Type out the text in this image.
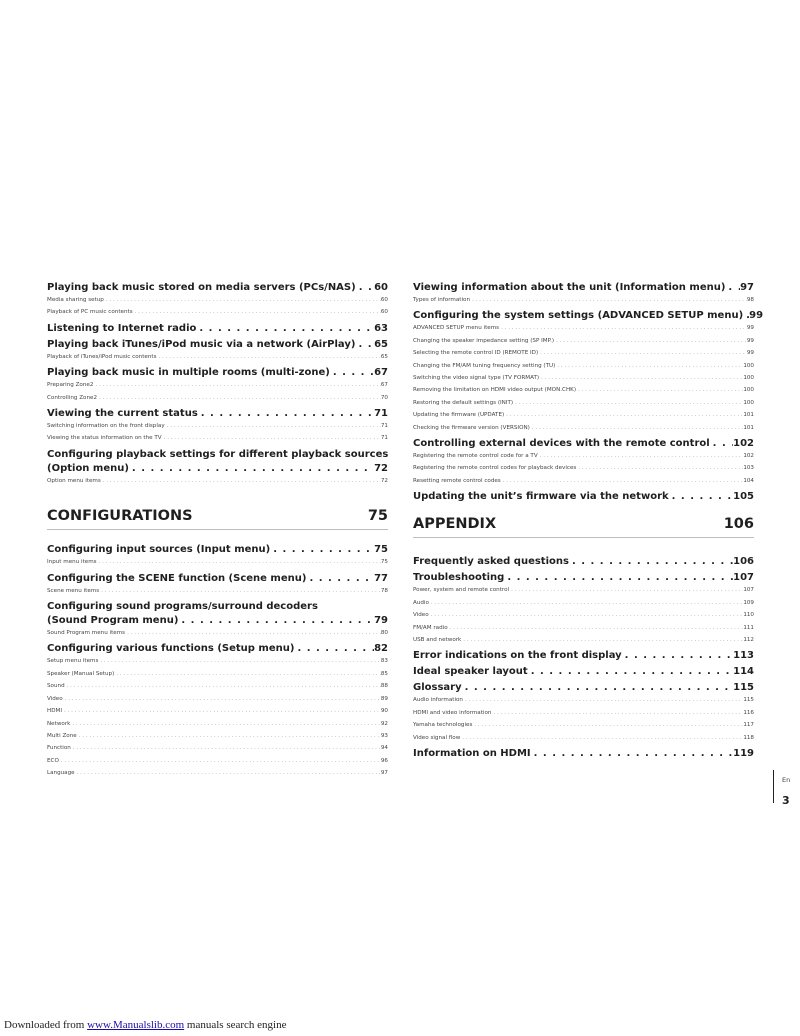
Playing back music stored on media servers (PCs/NAS) . . . 60
Media sharing setup . . .	60
Playback of PC music contents . . .	60
Listening to Internet radio . . .	63
Playing back iTunes/iPod music via a network (AirPlay) . . . 65
Playback of iTunes/iPod music contents . . .	65
Playing back music in multiple rooms (multi-zone) . . .	67
Preparing Zone2 . . .	67
Controlling Zone2 . . .	70
Viewing the current status . . .	71
Switching information on the front display . . .	71
Viewing the status information on the TV . . .	71
Configuring playback settings for different playback sources
(Option menu) . . .	72
Option menu items . . .	72
CONFIGURATIONS	75
Configuring input sources (Input menu) . . .	75
Input menu items . . .	75
Configuring the SCENE function (Scene menu) . . .	77
Scene menu items . . .	78
Configuring sound programs/surround decoders
(Sound Program menu) . . .	79
Sound Program menu items . . .	80
Configuring various functions (Setup menu) . . .	82
Setup menu items . . .	83
Speaker (Manual Setup) . . .	85
Sound . . .	88
Video . . .	89
HDMI . . .	90
Network . . .	92
Multi Zone . . .	93
Function . . .	94
ECO . . .	96
Language . . .	97
Viewing information about the unit (Information menu) . . . 97
Types of information . . .	98
Configuring the system settings (ADVANCED SETUP menu) . . . 99
ADVANCED SETUP menu items . . .	99
Changing the speaker impedance setting (SP IMP.) . . .	99
Selecting the remote control ID (REMOTE ID) . . .	99
Changing the FM/AM tuning frequency setting (TU) . . .	100
Switching the video signal type (TV FORMAT) . . .	100
Removing the limitation on HDMI video output (MON.CHK) . . .	100
Restoring the default settings (INIT) . . .	100
Updating the firmware (UPDATE) . . .	101
Checking the firmware version (VERSION) . . .	101
Controlling external devices with the remote control . . . 102
Registering the remote control code for a TV . . .	102
Registering the remote control codes for playback devices . . .	103
Resetting remote control codes . . .	104
Updating the unit’s firmware via the network . . .	105
APPENDIX	106
Frequently asked questions . . .	106
Troubleshooting . . .	107
Power, system and remote control . . .	107
Audio . . .	109
Video . . .	110
FM/AM radio . . .	111
USB and network . . .	112
Error indications on the front display . . .	113
Ideal speaker layout . . .	114
Glossary . . .	115
Audio information . . .	115
HDMI and video information . . .	116
Yamaha technologies . . .	117
Video signal flow . . .	118
Information on HDMI . . .	119
En 3
Downloaded from www.Manualslib.com manuals search engine
